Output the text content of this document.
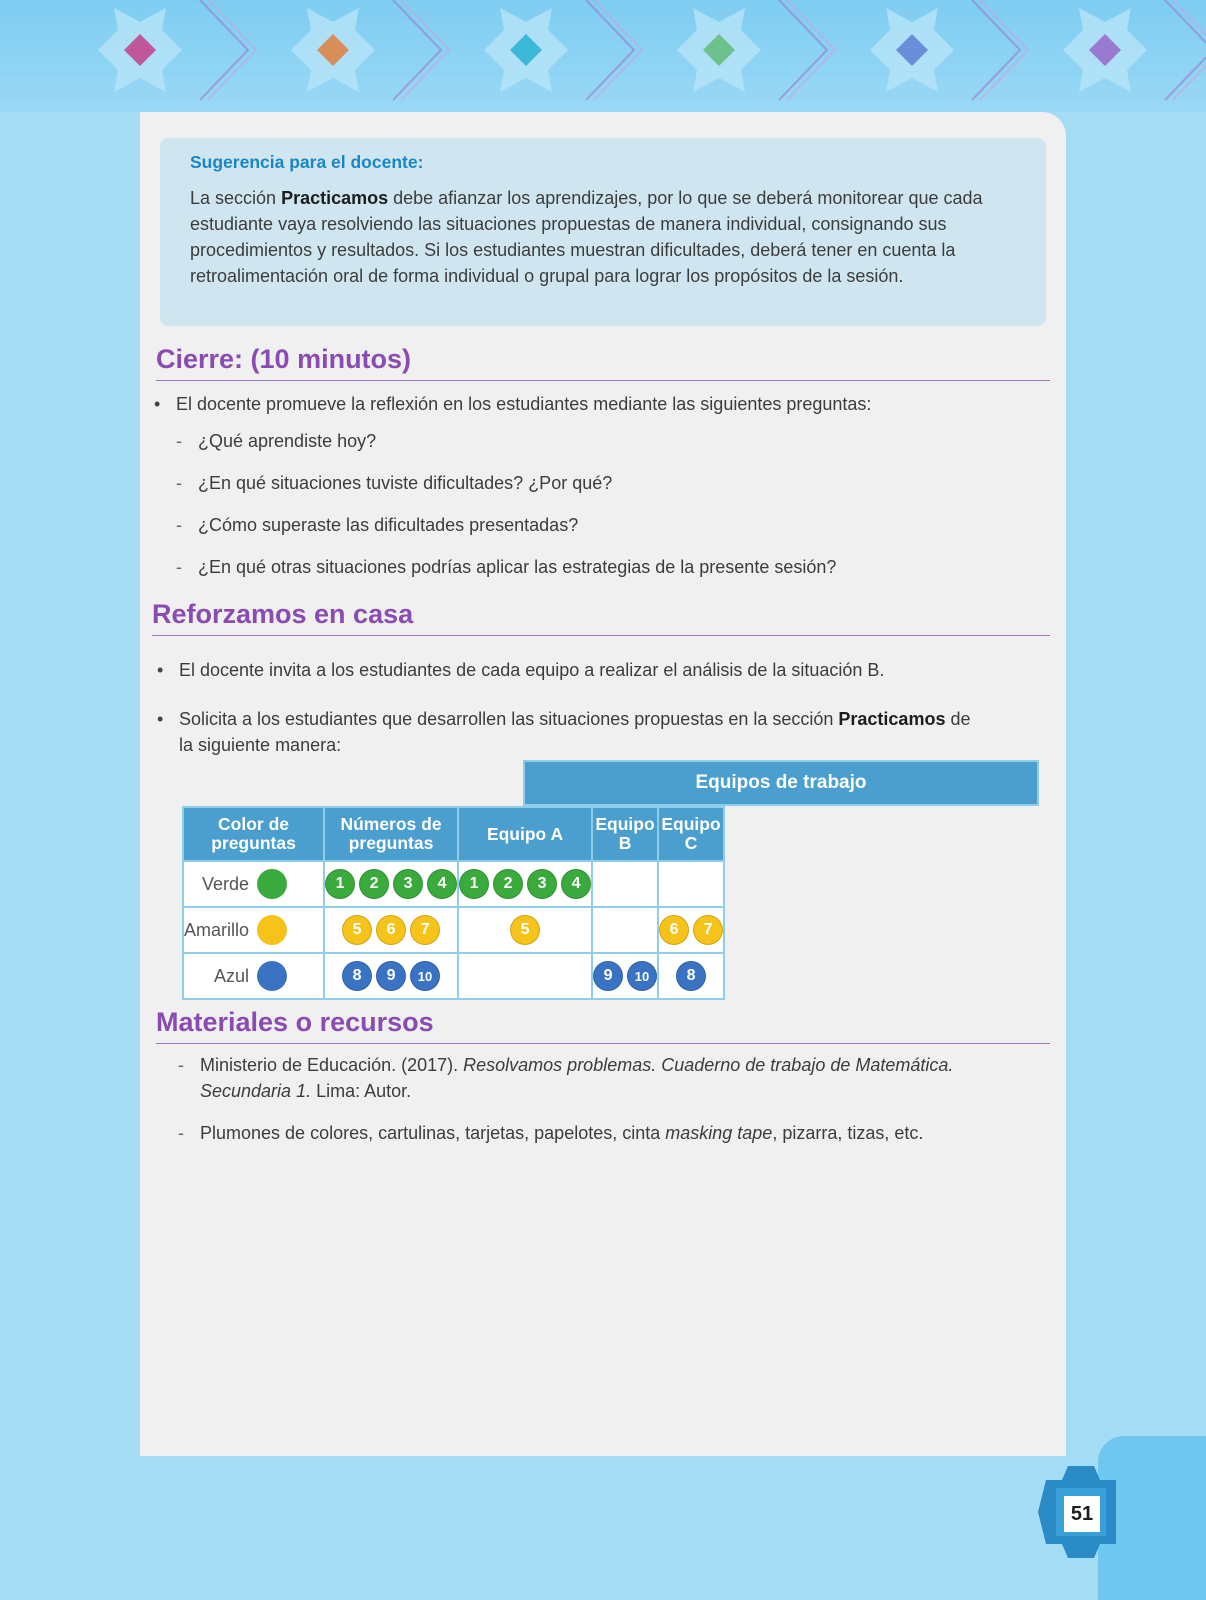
Sugerencia para el docente:

La sección Practicamos debe afianzar los aprendizajes, por lo que se deberá monitorear que cada estudiante vaya resolviendo las situaciones propuestas de manera individual, consignando sus procedimientos y resultados. Si los estudiantes muestran dificultades, deberá tener en cuenta la retroalimentación oral de forma individual o grupal para lograr los propósitos de la sesión.

Cierre: (10 minutos)
• El docente promueve la reflexión en los estudiantes mediante las siguientes preguntas:
- ¿Qué aprendiste hoy?
- ¿En qué situaciones tuviste dificultades? ¿Por qué?
- ¿Cómo superaste las dificultades presentadas?
- ¿En qué otras situaciones podrías aplicar las estrategias de la presente sesión?
Reforzamos en casa
• El docente invita a los estudiantes de cada equipo a realizar el análisis de la situación B.
• Solicita a los estudiantes que desarrollen las situaciones propuestas en la sección Practicamos de
la siguiente manera:
Equipos de trabajo
Color de preguntas	Números de preguntas	Equipo A	Equipo B	Equipo C

Verde	1 2 3 4	1 2 3 4		

Amarillo	5 6 7	5		6 7

Azul	8 9 10		9 10	8
Materiales o recursos
- Ministerio de Educación. (2017). Resolvamos problemas. Cuaderno de trabajo de Matemática.
Secundaria 1. Lima: Autor.
- Plumones de colores, cartulinas, tarjetas, papelotes, cinta masking tape, pizarra, tizas, etc.
51
